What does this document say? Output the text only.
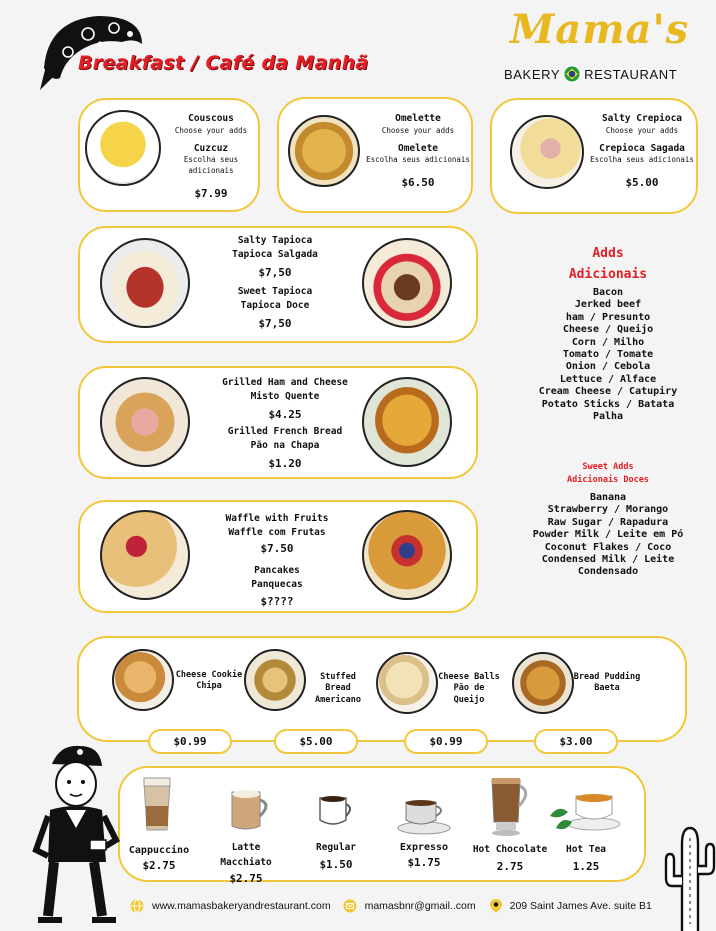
Breakfast / Café da Manhã
Mama's
BAKERY RESTAURANT
Couscous
Choose your adds
Cuzcuz
Escolha seus adicionais
$7.99
Omelette
Choose your adds
Omelete
Escolha seus adicionais
$6.50
Salty Crepioca
Choose your adds
Crepioca Sagada
Escolha seus adicionais
$5.00
Salty Tapioca
Tapioca Salgada
$7,50
Sweet Tapioca
Tapioca Doce
$7,50
Grilled Ham and Cheese
Misto Quente
$4.25
Grilled French Bread
Pão na Chapa
$1.20
Waffle with Fruits
Waffle com Frutas
$7.50
Pancakes
Panquecas
$????
Adds
Adicionais
Bacon
Jerked beef
ham / Presunto
Cheese / Queijo
Corn / Milho
Tomato / Tomate
Onion / Cebola
Lettuce / Alface
Cream Cheese / Catupiry
Potato Sticks / Batata
Palha
Sweet Adds
Adicionais Doces
Banana
Strawberry / Morango
Raw Sugar / Rapadura
Powder Milk / Leite em Pó
Coconut Flakes / Coco
Condensed Milk / Leite
Condensado
Cheese Cookie
Chipa
Stuffed Bread
Americano
Cheese Balls
Pão de Queijo
Bread Pudding
Baeta
$0.99	$5.00	$0.99	$3.00
Cappuccino
$2.75
Latte Macchiato
$2.75
Regular
$1.50
Expresso
$1.75
Hot Chocolate
2.75
Hot Tea
1.25
www.mamasbakeryandrestaurant.com	mamasbnr@gmail..com	209 Saint James Ave. suite B1
